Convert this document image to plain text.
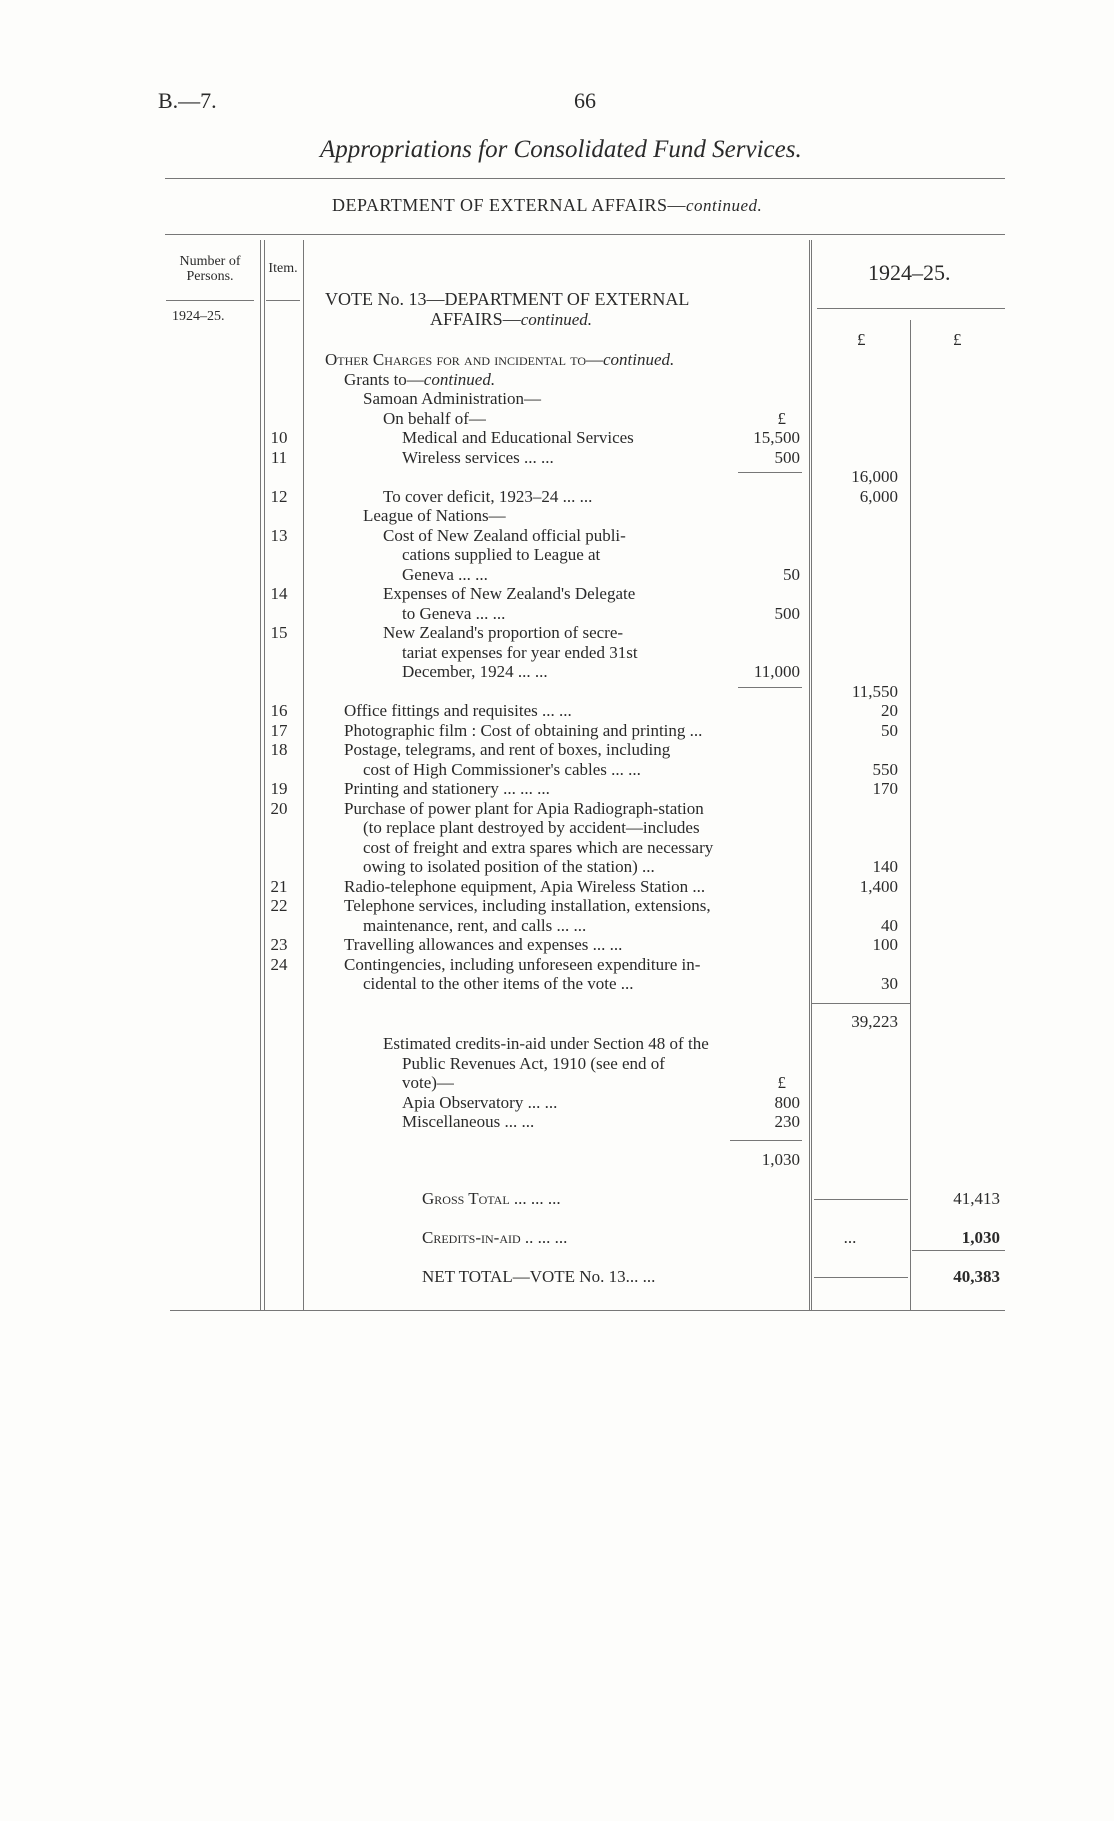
B.—7.	66
Appropriations for Consolidated Fund Services.
DEPARTMENT OF EXTERNAL AFFAIRS—continued.
Number of Persons.
Item.
1924–25.
1924–25.
£	£
VOTE No. 13—DEPARTMENT OF EXTERNAL
AFFAIRS—continued.
Other Charges for and incidental to—continued.
Grants to—continued.
Samoan Administration—
On behalf of—	£
10	Medical and Educational Services	15,500
11	Wireless services ... ...	500
16,000
12	To cover deficit, 1923–24 ... ...	6,000
League of Nations—
13	Cost of New Zealand official publi-
cations supplied to League at
Geneva ... ...	50
14	Expenses of New Zealand's Delegate
to Geneva ... ...	500
15	New Zealand's proportion of secre-
tariat expenses for year ended 31st
December, 1924 ... ...	11,000
11,550
16	Office fittings and requisites ... ...	20
17	Photographic film : Cost of obtaining and printing ...	50
18	Postage, telegrams, and rent of boxes, including
cost of High Commissioner's cables ... ...	550
19	Printing and stationery ... ... ...	170
20	Purchase of power plant for Apia Radiograph-station
(to replace plant destroyed by accident—includes
cost of freight and extra spares which are necessary
owing to isolated position of the station) ...	140
21	Radio-telephone equipment, Apia Wireless Station ...	1,400
22	Telephone services, including installation, extensions,
maintenance, rent, and calls ... ...	40
23	Travelling allowances and expenses ... ...	100
24	Contingencies, including unforeseen expenditure in-
cidental to the other items of the vote ...	30
39,223
Estimated credits-in-aid under Section 48 of the
Public Revenues Act, 1910 (see end of
vote)—	£
Apia Observatory ... ...	800
Miscellaneous ... ...	230
1,030
Gross Total ... ... ...	41,413
Credits-in-aid .. ... ...	...	1,030
NET TOTAL—VOTE No. 13... ...	40,383
